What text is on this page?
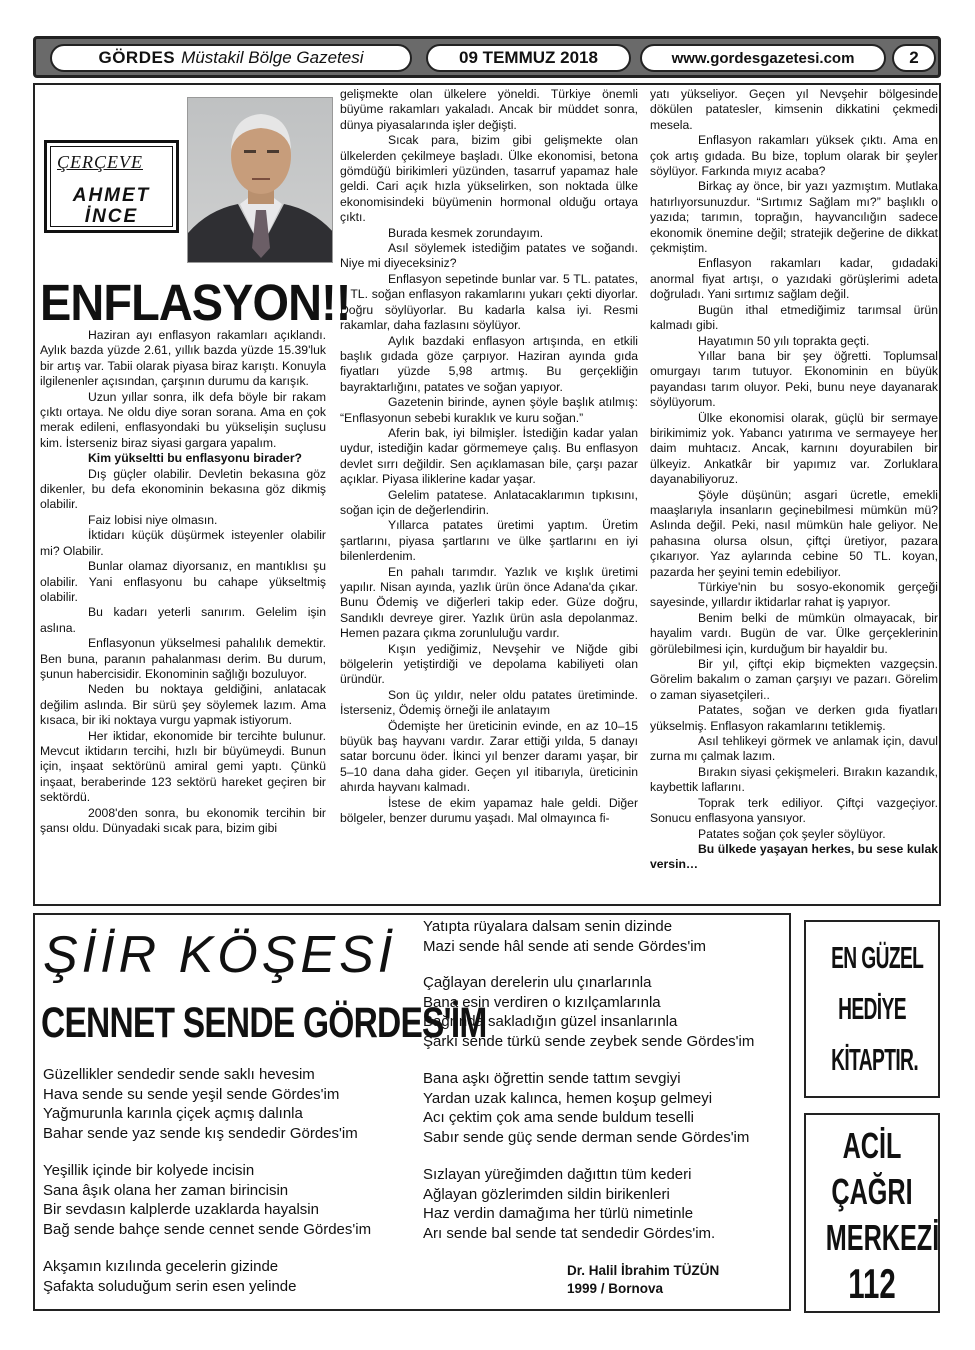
GÖRDES Müstakil Bölge Gazetesi	09 TEMMUZ 2018	www.gordesgazetesi.com	2
ÇERÇEVE
AHMET
İNCE
ENFLASYON!!

Haziran ayı enflasyon rakamları açıklandı. Aylık bazda yüzde 2.61, yıllık bazda yüzde 15.39'luk bir artış var. Tabii olarak piyasa biraz karıştı. Konuyla ilgilenenler açısından, çarşının durumu da karışık.

Uzun yıllar sonra, ilk defa böyle bir rakam çıktı ortaya. Ne oldu diye soran sorana. Ama en çok merak edileni, enflasyondaki bu yükselişin suçlusu kim. İsterseniz biraz siyasi gargara yapalım.

Kim yükseltti bu enflasyonu birader?

Dış güçler olabilir. Devletin bekasına göz dikenler, bu defa ekonominin bekasına göz dikmiş olabilir.

Faiz lobisi niye olmasın.

İktidarı küçük düşürmek isteyenler olabilir mi? Olabilir.

Bunlar olamaz diyorsanız, en mantıklısı şu olabilir. Yani enflasyonu bu cahape yükseltmiş olabilir.

Bu kadarı yeterli sanırım. Gelelim işin aslına.

Enflasyonun yükselmesi pahalılık demektir. Ben buna, paranın pahalanması derim. Bu durum, şunun habercisidir. Ekonominin sağlığı bozuluyor.

Neden bu noktaya geldiğini, anlatacak değilim aslında. Bir sürü şey söylemek lazım. Ama kısaca, bir iki noktaya vurgu yapmak istiyorum.

Her iktidar, ekonomide bir tercihte bulunur. Mevcut iktidarın tercihi, hızlı bir büyümeydi. Bunun için, inşaat sektörünü amiral gemi yaptı. Çünkü inşaat, beraberinde 123 sektörü hareket geçiren bir sektördü.

2008'den sonra, bu ekonomik tercihin bir şansı oldu. Dünyadaki sıcak para, bizim gibi

gelişmekte olan ülkelere yöneldi. Türkiye önemli büyüme rakamları yakaladı. Ancak bir müddet sonra, dünya piyasalarında işler değişti.

Sıcak para, bizim gibi gelişmekte olan ülkelerden çekilmeye başladı. Ülke ekonomisi, betona gömdüğü birikimleri yüzünden, tasarruf yapamaz hale geldi. Cari açık hızla yükselirken, son noktada ülke ekonomisindeki büyümenin hormonal olduğu ortaya çıktı.

Burada kesmek zorundayım.

Asıl söylemek istediğim patates ve soğandı. Niye mi diyeceksiniz?

Enflasyon sepetinde bunlar var. 5 TL. patates, 7 TL. soğan enflasyon rakamlarını yukarı çekti diyorlar. Doğru söylüyorlar. Bu kadarla kalsa iyi. Resmi rakamlar, daha fazlasını söylüyor.

Aylık bazdaki enflasyon artışında, en etkili başlık gıdada göze çarpıyor. Haziran ayında gıda fiyatları yüzde 5,98 artmış. Bu gerçekliğin bayraktarlığını, patates ve soğan yapıyor.

Gazetenin birinde, aynen şöyle başlık atılmış: “Enflasyonun sebebi kuraklık ve kuru soğan.”

Aferin bak, iyi bilmişler. İstediğin kadar yalan uydur, istediğin kadar görmemeye çalış. Bu enflasyon devlet sırrı değildir. Sen açıklamasan bile, çarşı pazar açıklar. Piyasa iliklerine kadar yaşar.

Gelelim patatese. Anlatacaklarımın tıpkısını, soğan için de değerlendirin.

Yıllarca patates üretimi yaptım. Üretim şartlarını, piyasa şartlarını ve ülke şartlarını en iyi bilenlerdenim.

En pahalı tarımdır. Yazlık ve kışlık üretimi yapılır. Nisan ayında, yazlık ürün önce Adana'da çıkar. Bunu Ödemiş ve diğerleri takip eder. Güze doğru, Sandıklı devreye girer. Yazlık ürün asla depolanmaz. Hemen pazara çıkma zorunluluğu vardır.

Kışın yediğimiz, Nevşehir ve Niğde gibi bölgelerin yetiştirdiği ve depolama kabiliyeti olan üründür.

Son üç yıldır, neler oldu patates üretiminde. İsterseniz, Ödemiş örneği ile anlatayım

Ödemişte her üreticinin evinde, en az 10–15 büyük baş hayvanı vardır. Zarar ettiği yılda, 5 danayı satar borcunu öder. İkinci yıl benzer daramı yaşar, bir 5–10 dana daha gider. Geçen yıl itibarıyla, üreticinin ahırda hayvanı kalmadı.

İstese de ekim yapamaz hale geldi. Diğer bölgeler, benzer durumu yaşadı. Mal olmayınca fi-

yatı yükseliyor. Geçen yıl Nevşehir bölgesinde dökülen patatesler, kimsenin dikkatini çekmedi mesela.

Enflasyon rakamları yüksek çıktı. Ama en çok artış gıdada. Bu bize, toplum olarak bir şeyler söylüyor. Farkında mıyız acaba?

Birkaç ay önce, bir yazı yazmıştım. Mutlaka hatırlıyorsunuzdur. “Sırtımız Sağlam mı?” başlıklı o yazıda; tarımın, toprağın, hayvancılığın sadece ekonomik önemine değil; stratejik değerine de dikkat çekmiştim.

Enflasyon rakamları kadar, gıdadaki anormal fiyat artışı, o yazıdaki görüşlerimi adeta doğruladı. Yani sırtımız sağlam değil.

Bugün ithal etmediğimiz tarımsal ürün kalmadı gibi.

Hayatımın 50 yılı toprakta geçti.

Yıllar bana bir şey öğretti. Toplumsal omurgayı tarım tutuyor. Ekonominin en büyük payandası tarım oluyor. Peki, bunu neye dayanarak söylüyorum.

Ülke ekonomisi olarak, güçlü bir sermaye birikimimiz yok. Yabancı yatırıma ve sermayeye her daim muhtacız. Ancak, karnını doyurabilen bir ülkeyiz. Ankatkâr bir yapımız var. Zorluklara dayanabiliyoruz.

Şöyle düşünün; asgari ücretle, emekli maaşlarıyla insanların geçinebilmesi mümkün mü? Aslında değil. Peki, nasıl mümkün hale geliyor. Ne pahasına olursa olsun, çiftçi üretiyor, pazara çıkarıyor. Yaz aylarında cebine 50 TL. koyan, pazarda her şeyini temin edebiliyor.

Türkiye'nin bu sosyo-ekonomik gerçeği sayesinde, yıllardır iktidarlar rahat iş yapıyor.

Benim belki de mümkün olmayacak, bir hayalim vardı. Bugün de var. Ülke gerçeklerinin görülebilmesi için, kurduğum bir hayaldir bu.

Bir yıl, çiftçi ekip biçmekten vazgeçsin. Görelim bakalım o zaman çarşıyı ve pazarı. Görelim o zaman siyasetçileri..

Patates, soğan ve derken gıda fiyatları yükselmiş. Enflasyon rakamlarını tetiklemiş.

Asıl tehlikeyi görmek ve anlamak için, davul zurna mı çalmak lazım.

Bırakın siyasi çekişmeleri. Bırakın kazandık, kaybettik laflarını.

Toprak terk ediliyor. Çiftçi vazgeçiyor. Sonucu enflasyona yansıyor.

Patates soğan çok şeyler söylüyor.

Bu ülkede yaşayan herkes, bu sese kulak versin…

ŞİİR KÖŞESİ
CENNET SENDE GÖRDES'İM
Güzellikler sendedir sende saklı hevesim
Hava sende su sende yeşil sende Gördes'im
Yağmurunla karınla çiçek açmış dalınla
Bahar sende yaz sende kış sendedir Gördes'im
Yeşillik içinde bir kolyede incisin
Sana âşık olana her zaman birincisin
Bir sevdasın kalplerde uzaklarda hayalsin
Bağ sende bahçe sende cennet sende Gördes'im
Akşamın kızılında gecelerin gizinde
Şafakta soluduğum serin esen yelinde
Yatıpta rüyalara dalsam senin dizinde
Mazi sende hâl sende ati sende Gördes'im
Çağlayan derelerin ulu çınarlarınla
Bana esin verdiren o kızılçamlarınla
Bağrında sakladığın güzel insanlarınla
Şarkı sende türkü sende zeybek sende Gördes'im
Bana aşkı öğrettin sende tattım sevgiyi
Yardan uzak kalınca, hemen koşup gelmeyi
Acı çektim çok ama sende buldum teselli
Sabır sende güç sende derman sende Gördes'im
Sızlayan yüreğimden dağıttın tüm kederi
Ağlayan gözlerimden sildin birikenleri
Haz verdin damağıma her türlü nimetinle
Arı sende bal sende tat sendedir Gördes'im.
Dr. Halil İbrahim TÜZÜN
1999 / Bornova
EN GÜZEL
HEDİYE
KİTAPTIR.
ACİL
ÇAĞRI
MERKEZİ
112
